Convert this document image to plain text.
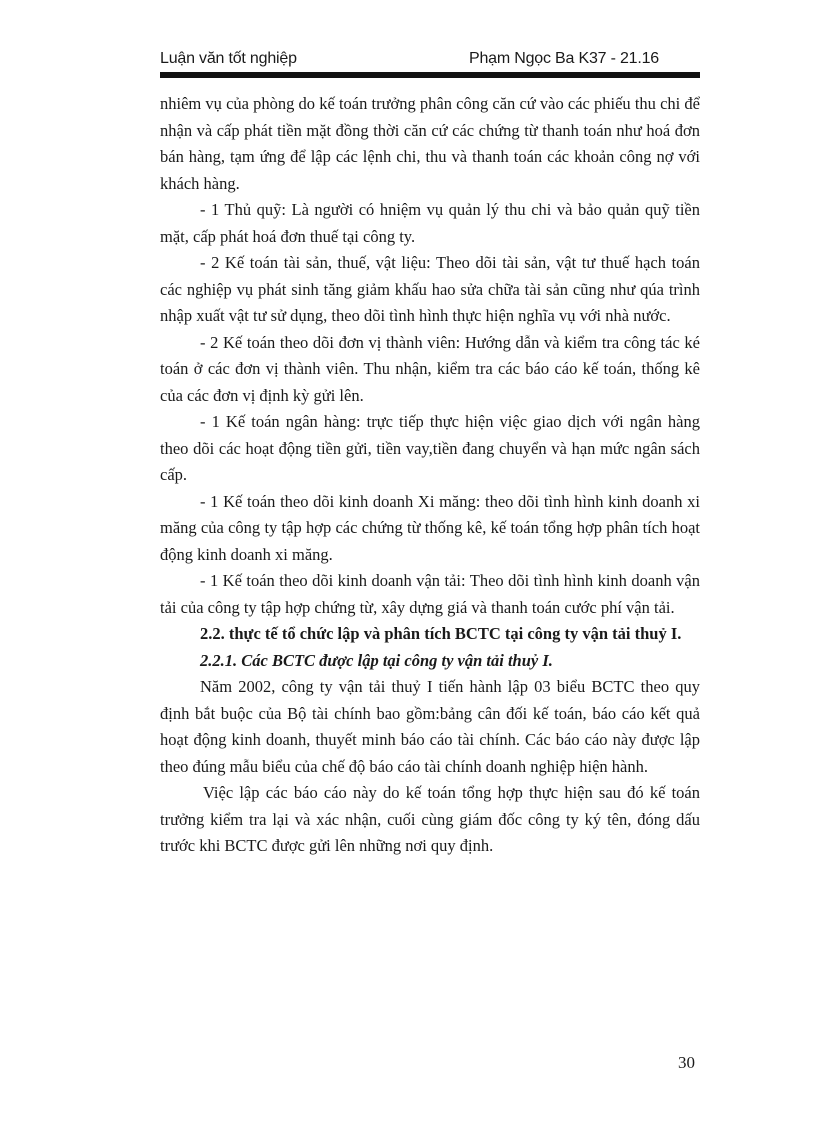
Luận văn tốt nghiệp	Phạm Ngọc Ba K37 - 21.16

nhiêm vụ của phòng do kế toán trưởng phân công căn cứ vào các phiếu thu chi để nhận và cấp phát tiền mặt đồng thời căn cứ các chứng từ thanh toán như hoá đơn bán hàng, tạm ứng để lập các lệnh chi, thu và thanh toán các khoản công nợ với khách hàng.

- 1 Thủ quỹ: Là người có hniệm vụ quản lý thu chi và bảo quản quỹ tiền mặt, cấp phát hoá đơn thuế tại công ty.

- 2 Kế toán tài sản, thuế, vật liệu: Theo dõi tài sản, vật tư thuế hạch toán các nghiệp vụ phát sinh tăng giảm khấu hao sửa chữa tài sản cũng như qúa trình nhập xuất vật tư sử dụng, theo dõi tình hình thực hiện nghĩa vụ với nhà nước.

- 2 Kế toán theo dõi đơn vị thành viên: Hướng dẫn và kiểm tra công tác ké toán ở các đơn vị thành viên. Thu nhận, kiểm tra các báo cáo kế toán, thống kê của các đơn vị định kỳ gửi lên.

- 1 Kế toán ngân hàng: trực tiếp thực hiện việc giao dịch với ngân hàng theo dõi các hoạt động tiền gửi, tiền vay,tiền đang chuyển và hạn mức ngân sách cấp.

- 1 Kế toán theo dõi kinh doanh Xi măng: theo dõi tình hình kinh doanh xi măng của công ty tập hợp các chứng từ thống kê, kế toán tổng hợp phân tích hoạt động kinh doanh xi măng.

- 1 Kế toán theo dõi kinh doanh vận tải: Theo dõi tình hình kinh doanh vận tải của công ty tập hợp chứng từ, xây dựng giá và thanh toán cước phí vận tải.

2.2. thực tế tổ chức lập và phân tích BCTC tại công ty vận tải thuỷ I.

2.2.1. Các BCTC được lập tại công ty vận tải thuỷ I.

Năm 2002, công ty vận tải thuỷ I tiến hành lập 03 biểu BCTC theo quy định bắt buộc của Bộ tài chính bao gồm:bảng cân đối kế toán, báo cáo kết quả hoạt động kinh doanh, thuyết minh báo cáo tài chính. Các báo cáo này được lập theo đúng mẫu biểu của chế độ báo cáo tài chính doanh nghiệp hiện hành.

Việc lập các báo cáo này do kế toán tổng hợp thực hiện sau đó kế toán trưởng kiểm tra lại và xác nhận, cuối cùng giám đốc công ty ký tên, đóng dấu trước khi BCTC được gửi lên những nơi quy định.

30
